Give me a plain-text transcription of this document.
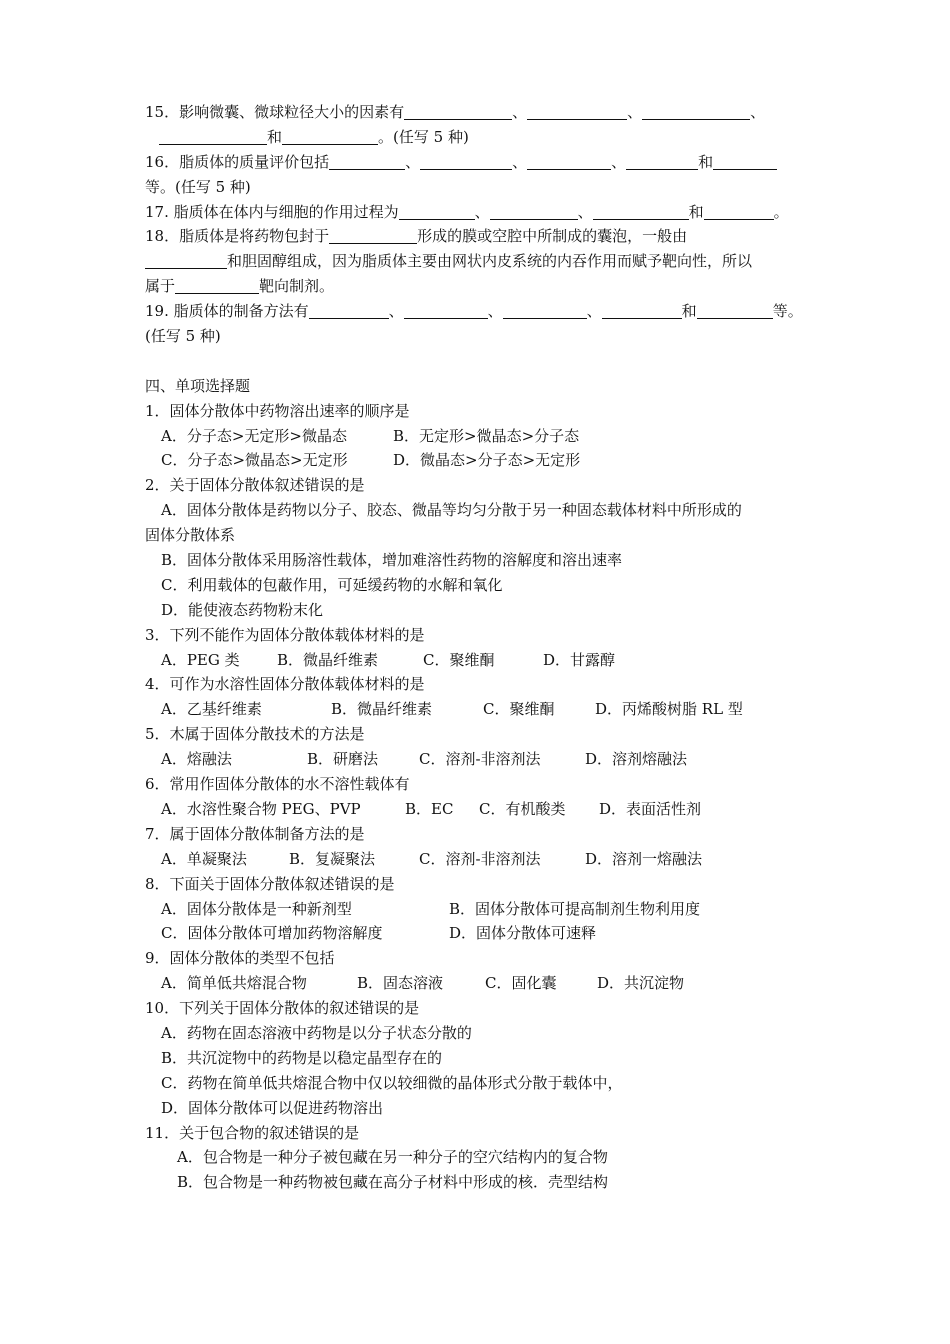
15．影响微囊、微球粒径大小的因素有	、	、	、
和	。(任写 5 种)
16．脂质体的质量评价包括	、	、	、	和
等。(任写 5 种)
17. 脂质体在体内与细胞的作用过程为	、	、	和	。
18．脂质体是将药物包封于	形成的膜或空腔中所制成的囊泡，一般由
和胆固醇组成，因为脂质体主要由网状内皮系统的内吞作用而赋予靶向性，所以
属于	靶向制剂。
19. 脂质体的制备方法有	、	、	、	和	等。
(任写 5 种)
四、单项选择题
1．固体分散体中药物溶出速率的顺序是
A．分子态>无定形>微晶态	B．无定形>微晶态>分子态
C．分子态>微晶态>无定形	D．微晶态>分子态>无定形
2．关于固体分散体叙述错误的是
A．固体分散体是药物以分子、胶态、微晶等均匀分散于另一种固态载体材料中所形成的
固体分散体系
B．固体分散体采用肠溶性载体，增加难溶性药物的溶解度和溶出速率
C．利用载体的包蔽作用，可延缓药物的水解和氧化
D．能使液态药物粉末化
3．下列不能作为固体分散体载体材料的是
A．PEG 类 B．微晶纤维素	C．聚维酮	D．甘露醇
4．可作为水溶性固体分散体载体材料的是
A．乙基纤维素	B．微晶纤维素	C．聚维酮	D．丙烯酸树脂 RL 型
5．木属于固体分散技术的方法是
A．熔融法	B．研磨法	C．溶剂-非溶剂法	D．溶剂熔融法
6．常用作固体分散体的水不溶性载体有
A．水溶性聚合物 PEG、PVP	B．EC C．有机酸类 D．表面活性剂
7．属于固体分散体制备方法的是
A．单凝聚法	B．复凝聚法	C．溶剂-非溶剂法	D．溶剂一熔融法
8．下面关于固体分散体叙述错误的是
A．固体分散体是一种新剂型	B．固体分散体可提高制剂生物利用度
C．固体分散体可增加药物溶解度	D．固体分散体可速释
9．固体分散体的类型不包括
A．简单低共熔混合物	B．固态溶液	C．固化囊	D．共沉淀物
10．下列关于固体分散体的叙述错误的是
A．药物在固态溶液中药物是以分子状态分散的
B．共沉淀物中的药物是以稳定晶型存在的
C．药物在简单低共熔混合物中仅以较细微的晶体形式分散于载体中，
D．固体分散体可以促进药物溶出
11．关于包合物的叙述错误的是
A．包合物是一种分子被包藏在另一种分子的空穴结构内的复合物
B．包合物是一种药物被包藏在高分子材料中形成的核．壳型结构
